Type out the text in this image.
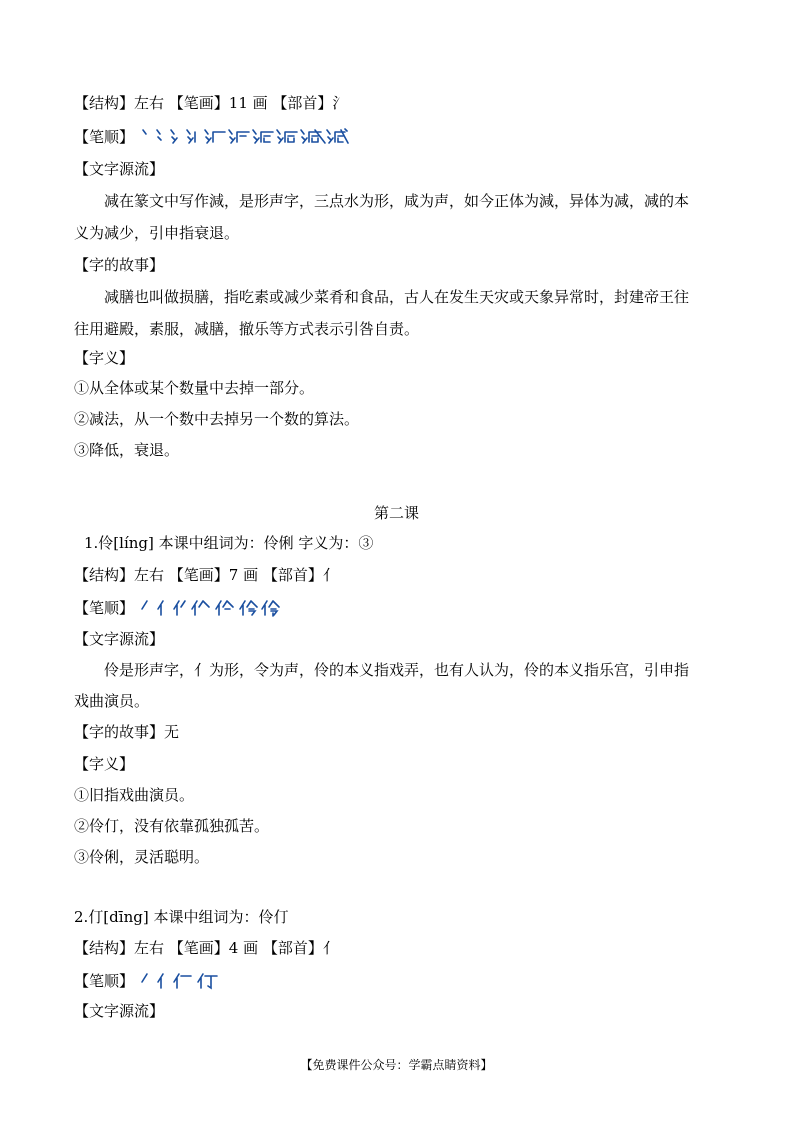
【结构】左右 【笔画】11 画 【部首】氵
【笔顺】
【文字源流】
减在篆文中写作減，是形声字，三点水为形，咸为声，如今正体为減，异体为减，减的本
义为减少，引申指衰退。
【字的故事】
减膳也叫做损膳，指吃素或减少菜肴和食品，古人在发生天灾或天象异常时，封建帝王往
往用避殿，素服，减膳，撤乐等方式表示引咎自责。
【字义】
①从全体或某个数量中去掉一部分。
②减法，从一个数中去掉另一个数的算法。
③降低，衰退。
第二课
1.伶[líng] 本课中组词为：伶俐 字义为：③
【结构】左右 【笔画】7 画 【部首】亻
【笔顺】
【文字源流】
伶是形声字，亻为形，令为声，伶的本义指戏弄，也有人认为，伶的本义指乐宫，引申指
戏曲演员。
【字的故事】无
【字义】
①旧指戏曲演员。
②伶仃，没有依靠孤独孤苦。
③伶俐，灵活聪明。
2.仃[dīng] 本课中组词为：伶仃
【结构】左右 【笔画】4 画 【部首】亻
【笔顺】
【文字源流】
【免费课件公众号：学霸点睛资料】
